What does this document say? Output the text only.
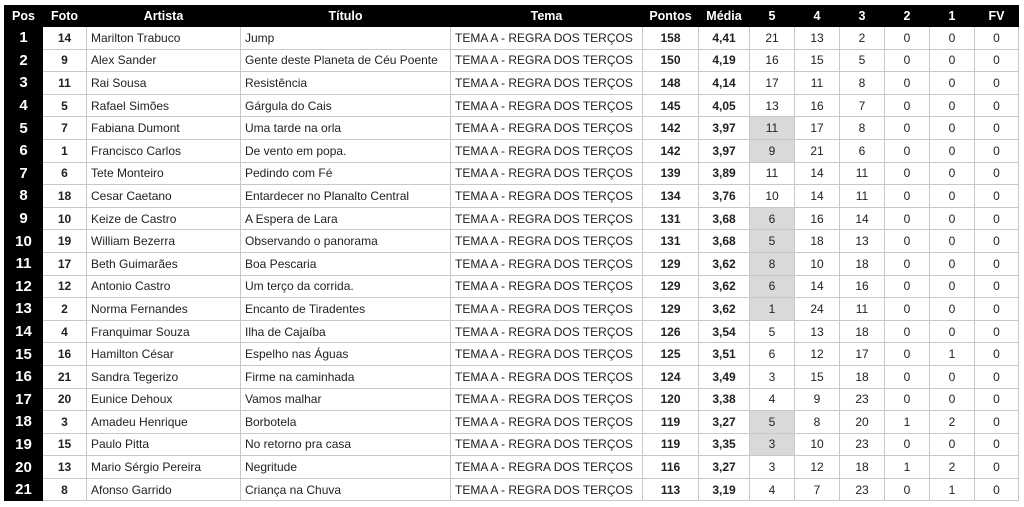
Pos	Foto	Artista	Título	Tema	Pontos	Média	5	4	3	2	1	FV
1	14	Marilton Trabuco	Jump	TEMA A - REGRA DOS TERÇOS	158	4,41	21	13	2	0	0	0
2	9	Alex Sander	Gente deste Planeta de Céu Poente	TEMA A - REGRA DOS TERÇOS	150	4,19	16	15	5	0	0	0
3	11	Rai Sousa	Resistência	TEMA A - REGRA DOS TERÇOS	148	4,14	17	11	8	0	0	0
4	5	Rafael Simões	Gárgula do Cais	TEMA A - REGRA DOS TERÇOS	145	4,05	13	16	7	0	0	0
5	7	Fabiana Dumont	Uma tarde na orla	TEMA A - REGRA DOS TERÇOS	142	3,97	11	17	8	0	0	0
6	1	Francisco Carlos	De vento em popa.	TEMA A - REGRA DOS TERÇOS	142	3,97	9	21	6	0	0	0
7	6	Tete Monteiro	Pedindo com Fé	TEMA A - REGRA DOS TERÇOS	139	3,89	11	14	11	0	0	0
8	18	Cesar Caetano	Entardecer no Planalto Central	TEMA A - REGRA DOS TERÇOS	134	3,76	10	14	11	0	0	0
9	10	Keize de Castro	A Espera de Lara	TEMA A - REGRA DOS TERÇOS	131	3,68	6	16	14	0	0	0
10	19	William Bezerra	Observando o panorama	TEMA A - REGRA DOS TERÇOS	131	3,68	5	18	13	0	0	0
11	17	Beth Guimarães	Boa Pescaria	TEMA A - REGRA DOS TERÇOS	129	3,62	8	10	18	0	0	0
12	12	Antonio Castro	Um terço da corrida.	TEMA A - REGRA DOS TERÇOS	129	3,62	6	14	16	0	0	0
13	2	Norma Fernandes	Encanto de Tiradentes	TEMA A - REGRA DOS TERÇOS	129	3,62	1	24	11	0	0	0
14	4	Franquimar Souza	Ilha de Cajaíba	TEMA A - REGRA DOS TERÇOS	126	3,54	5	13	18	0	0	0
15	16	Hamilton César	Espelho nas Águas	TEMA A - REGRA DOS TERÇOS	125	3,51	6	12	17	0	1	0
16	21	Sandra Tegerizo	Firme na caminhada	TEMA A - REGRA DOS TERÇOS	124	3,49	3	15	18	0	0	0
17	20	Eunice Dehoux	Vamos malhar	TEMA A - REGRA DOS TERÇOS	120	3,38	4	9	23	0	0	0
18	3	Amadeu Henrique	Borbotela	TEMA A - REGRA DOS TERÇOS	119	3,27	5	8	20	1	2	0
19	15	Paulo Pitta	No retorno pra casa	TEMA A - REGRA DOS TERÇOS	119	3,35	3	10	23	0	0	0
20	13	Mario Sérgio Pereira	Negritude	TEMA A - REGRA DOS TERÇOS	116	3,27	3	12	18	1	2	0
21	8	Afonso Garrido	Criança na Chuva	TEMA A - REGRA DOS TERÇOS	113	3,19	4	7	23	0	1	0
